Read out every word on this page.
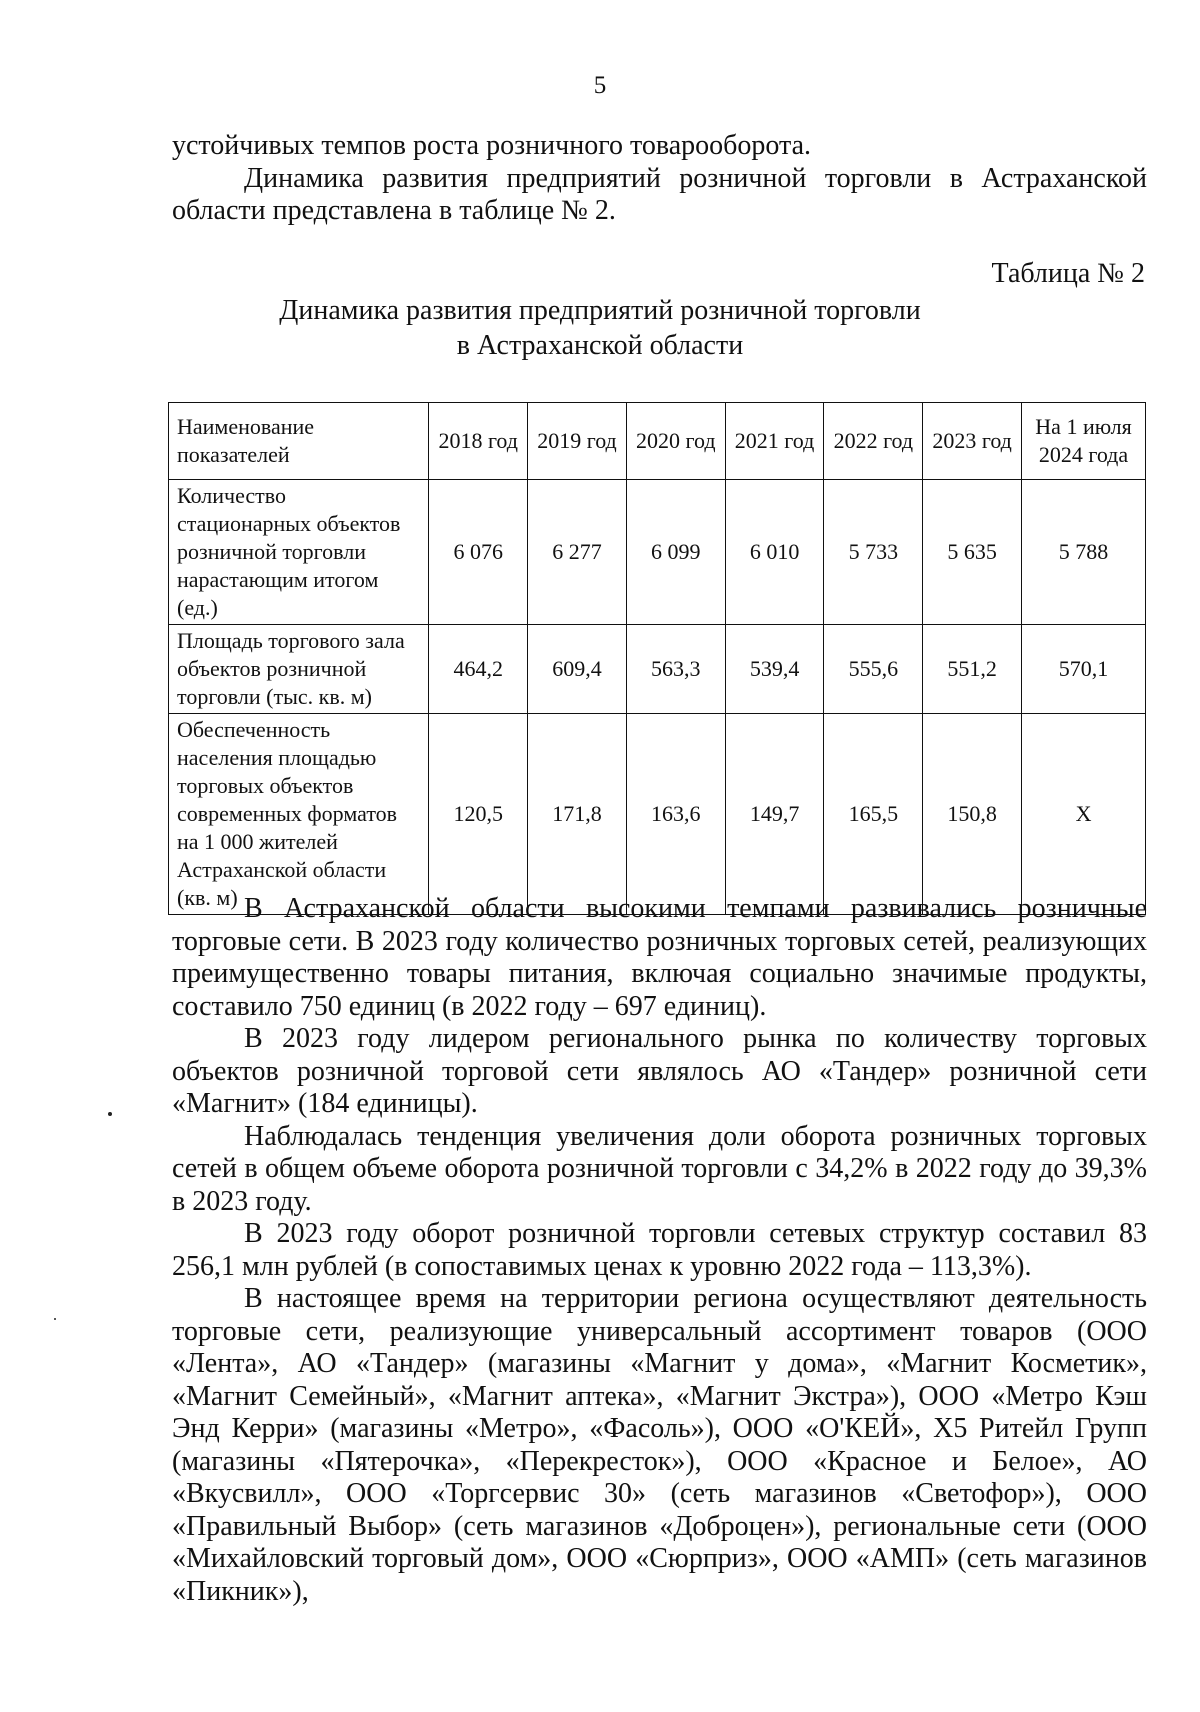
5

устойчивых темпов роста розничного товарооборота.

Динамика развития предприятий розничной торговли в Астраханской области представлена в таблице № 2.

Таблица № 2
Динамика развития предприятий розничной торговли
в Астраханской области
Наименование показателей	2018 год	2019 год	2020 год	2021 год	2022 год	2023 год	На 1 июля 2024 года
Количество стационарных объектов розничной торговли нарастающим итогом (ед.)	6 076	6 277	6 099	6 010	5 733	5 635	5 788
Площадь торгового зала объектов розничной торговли (тыс. кв. м)	464,2	609,4	563,3	539,4	555,6	551,2	570,1
Обеспеченность населения площадью торговых объектов современных форматов на 1 000 жителей Астраханской области (кв. м)	120,5	171,8	163,6	149,7	165,5	150,8	Х

В Астраханской области высокими темпами развивались розничные торговые сети. В 2023 году количество розничных торговых сетей, реализующих преимущественно товары питания, включая социально значимые продукты, составило 750 единиц (в 2022 году – 697 единиц).

В 2023 году лидером регионального рынка по количеству торговых объектов розничной торговой сети являлось АО «Тандер» розничной сети «Магнит» (184 единицы).

Наблюдалась тенденция увеличения доли оборота розничных торговых сетей в общем объеме оборота розничной торговли с 34,2% в 2022 году до 39,3% в 2023 году.

В 2023 году оборот розничной торговли сетевых структур составил 83 256,1 млн рублей (в сопоставимых ценах к уровню 2022 года – 113,3%).

В настоящее время на территории региона осуществляют деятельность торговые сети, реализующие универсальный ассортимент товаров (ООО «Лента», АО «Тандер» (магазины «Магнит у дома», «Магнит Косметик», «Магнит Семейный», «Магнит аптека», «Магнит Экстра»), ООО «Метро Кэш Энд Керри» (магазины «Метро», «Фасоль»), ООО «О'КЕЙ», Х5 Ритейл Групп (магазины «Пятерочка», «Перекресток»), ООО «Красное и Белое», АО «Вкусвилл», ООО «Торгсервис 30» (сеть магазинов «Светофор»), ООО «Правильный Выбор» (сеть магазинов «Доброцен»), региональные сети (ООО «Михайловский торговый дом», ООО «Сюрприз», ООО «АМП» (сеть магазинов «Пикник»),
